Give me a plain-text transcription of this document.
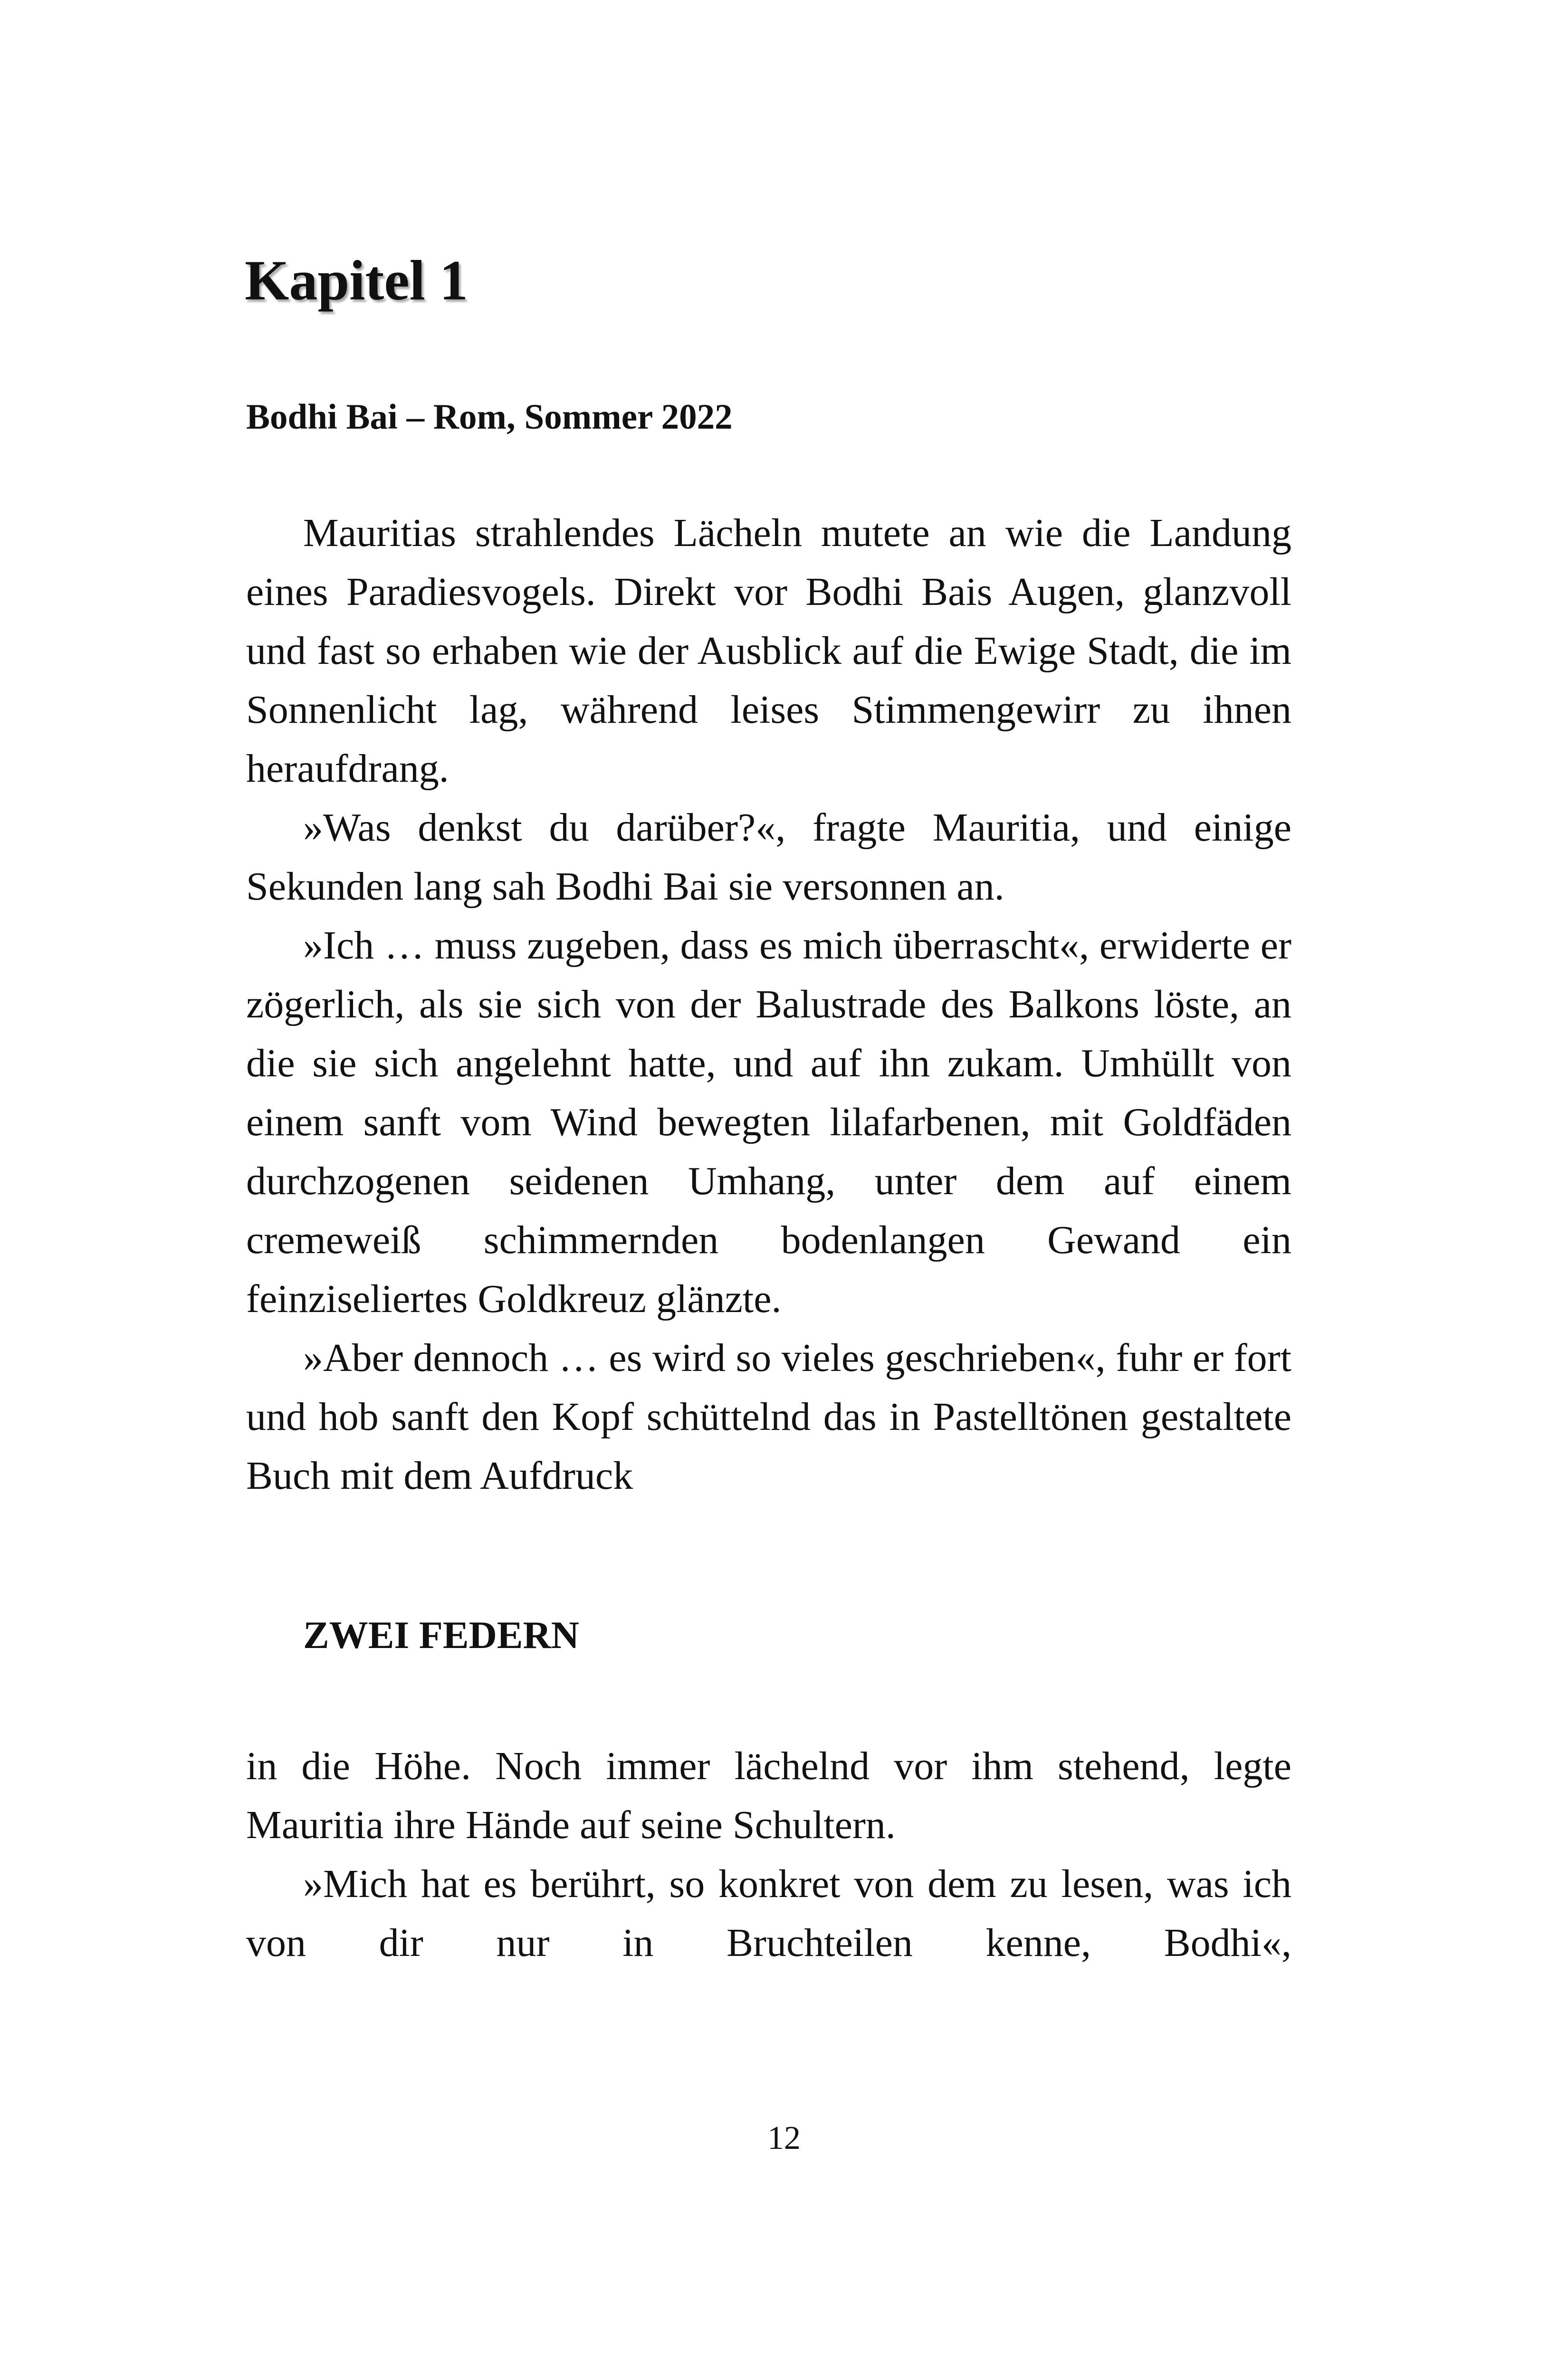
Kapitel 1
Bodhi Bai – Rom, Sommer 2022

Mauritias strahlendes Lächeln mutete an wie die Landung eines Paradiesvogels. Direkt vor Bodhi Bais Augen, glanzvoll und fast so erhaben wie der Ausblick auf die Ewige Stadt, die im Sonnenlicht lag, während leises Stimmengewirr zu ihnen heraufdrang.

»Was denkst du darüber?«, fragte Mauritia, und einige Sekunden lang sah Bodhi Bai sie versonnen an.

»Ich … muss zugeben, dass es mich überrascht«, erwiderte er zögerlich, als sie sich von der Balustrade des Balkons löste, an die sie sich angelehnt hatte, und auf ihn zukam. Umhüllt von einem sanft vom Wind bewegten lilafarbenen, mit Goldfäden durchzogenen seidenen Umhang, unter dem auf einem cremeweiß schimmernden bodenlangen Gewand ein feinziseliertes Goldkreuz glänzte.

»Aber dennoch … es wird so vieles geschrieben«, fuhr er fort und hob sanft den Kopf schüttelnd das in Pastelltönen gestaltete Buch mit dem Aufdruck

ZWEI FEDERN

in die Höhe. Noch immer lächelnd vor ihm stehend, legte Mauritia ihre Hände auf seine Schultern.

»Mich hat es berührt, so konkret von dem zu lesen, was ich von dir nur in Bruchteilen kenne, Bodhi«,

12
